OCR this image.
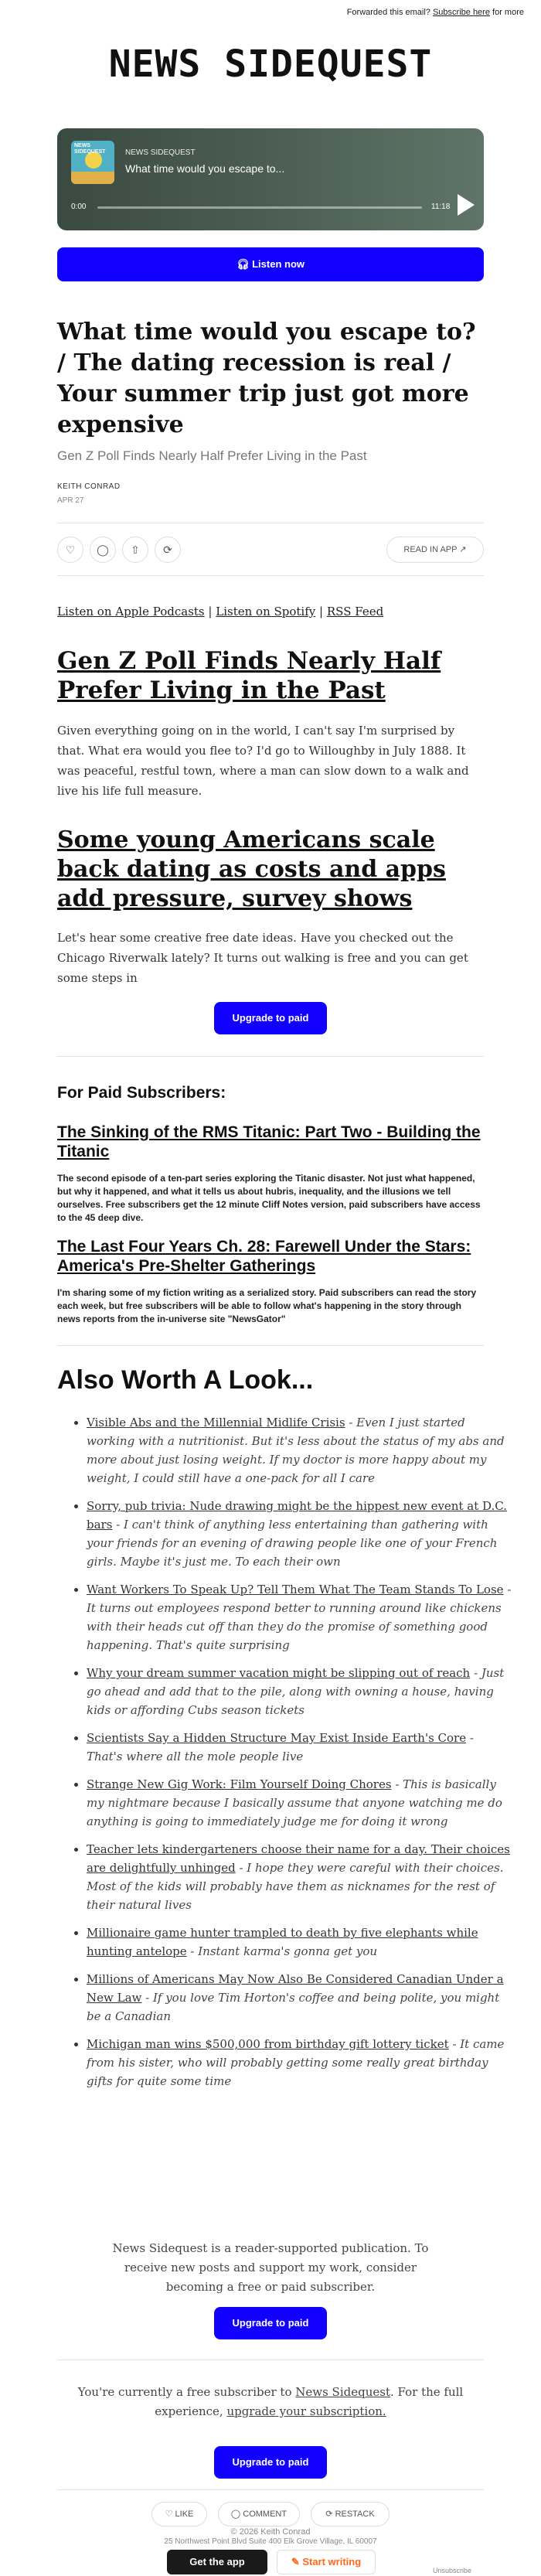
Forwarded this email? Subscribe here for more
NEWS SIDEQUEST
NEWS SIDEQUEST	NEWS SIDEQUEST
What time would you escape to...
0:00	11:18
🎧︎ Listen now
What time would you escape to? / The dating recession is real / Your summer trip just got more expensive
Gen Z Poll Finds Nearly Half Prefer Living in the Past
KEITH CONRAD
APR 27
♡	◯	⇧	⟳	READ IN APP ↗
Listen on Apple Podcasts | Listen on Spotify | RSS Feed
Gen Z Poll Finds Nearly Half Prefer Living in the Past

Given everything going on in the world, I can't say I'm surprised by that. What era would you flee to? I'd go to Willoughby in July 1888. It was peaceful, restful town, where a man can slow down to a walk and live his life full measure.

Some young Americans scale back dating as costs and apps add pressure, survey shows

Let's hear some creative free date ideas. Have you checked out the Chicago Riverwalk lately? It turns out walking is free and you can get some steps in

Upgrade to paid
For Paid Subscribers:
The Sinking of the RMS Titanic: Part Two - Building the Titanic

The second episode of a ten-part series exploring the Titanic disaster. Not just what happened, but why it happened, and what it tells us about hubris, inequality, and the illusions we tell ourselves. Free subscribers get the 12 minute Cliff Notes version, paid subscribers have access to the 45 deep dive.

The Last Four Years Ch. 28: Farewell Under the Stars: America's Pre-Shelter Gatherings

I'm sharing some of my fiction writing as a serialized story. Paid subscribers can read the story each week, but free subscribers will be able to follow what's happening in the story through news reports from the in-universe site "NewsGator"

Also Worth A Look...
• Visible Abs and the Millennial Midlife Crisis - Even I just started working with a nutritionist. But it's less about the status of my abs and more about just losing weight. If my doctor is more happy about my weight, I could still have a one-pack for all I care
• Sorry, pub trivia: Nude drawing might be the hippest new event at D.C. bars - I can't think of anything less entertaining than gathering with your friends for an evening of drawing people like one of your French girls. Maybe it's just me. To each their own
• Want Workers To Speak Up? Tell Them What The Team Stands To Lose - It turns out employees respond better to running around like chickens with their heads cut off than they do the promise of something good happening. That's quite surprising
• Why your dream summer vacation might be slipping out of reach - Just go ahead and add that to the pile, along with owning a house, having kids or affording Cubs season tickets
• Scientists Say a Hidden Structure May Exist Inside Earth's Core - That's where all the mole people live
• Strange New Gig Work: Film Yourself Doing Chores - This is basically my nightmare because I basically assume that anyone watching me do anything is going to immediately judge me for doing it wrong
• Teacher lets kindergarteners choose their name for a day. Their choices are delightfully unhinged - I hope they were careful with their choices. Most of the kids will probably have them as nicknames for the rest of their natural lives
• Millionaire game hunter trampled to death by five elephants while hunting antelope - Instant karma's gonna get you
• Millions of Americans May Now Also Be Considered Canadian Under a New Law - If you love Tim Horton's coffee and being polite, you might be a Canadian
• Michigan man wins $500,000 from birthday gift lottery ticket - It came from his sister, who will probably getting some really great birthday gifts for quite some time

News Sidequest is a reader-supported publication. To receive new posts and support my work, consider becoming a free or paid subscriber.

Upgrade to paid

You're currently a free subscriber to News Sidequest. For the full experience, upgrade your subscription.

Upgrade to paid
♡ LIKE	◯ COMMENT	⟳ RESTACK
© 2026 Keith Conrad
25 Northwest Point Blvd Suite 400 Elk Grove Village, IL 60007
Get the app	✎ Start writing
Unsubscribe
